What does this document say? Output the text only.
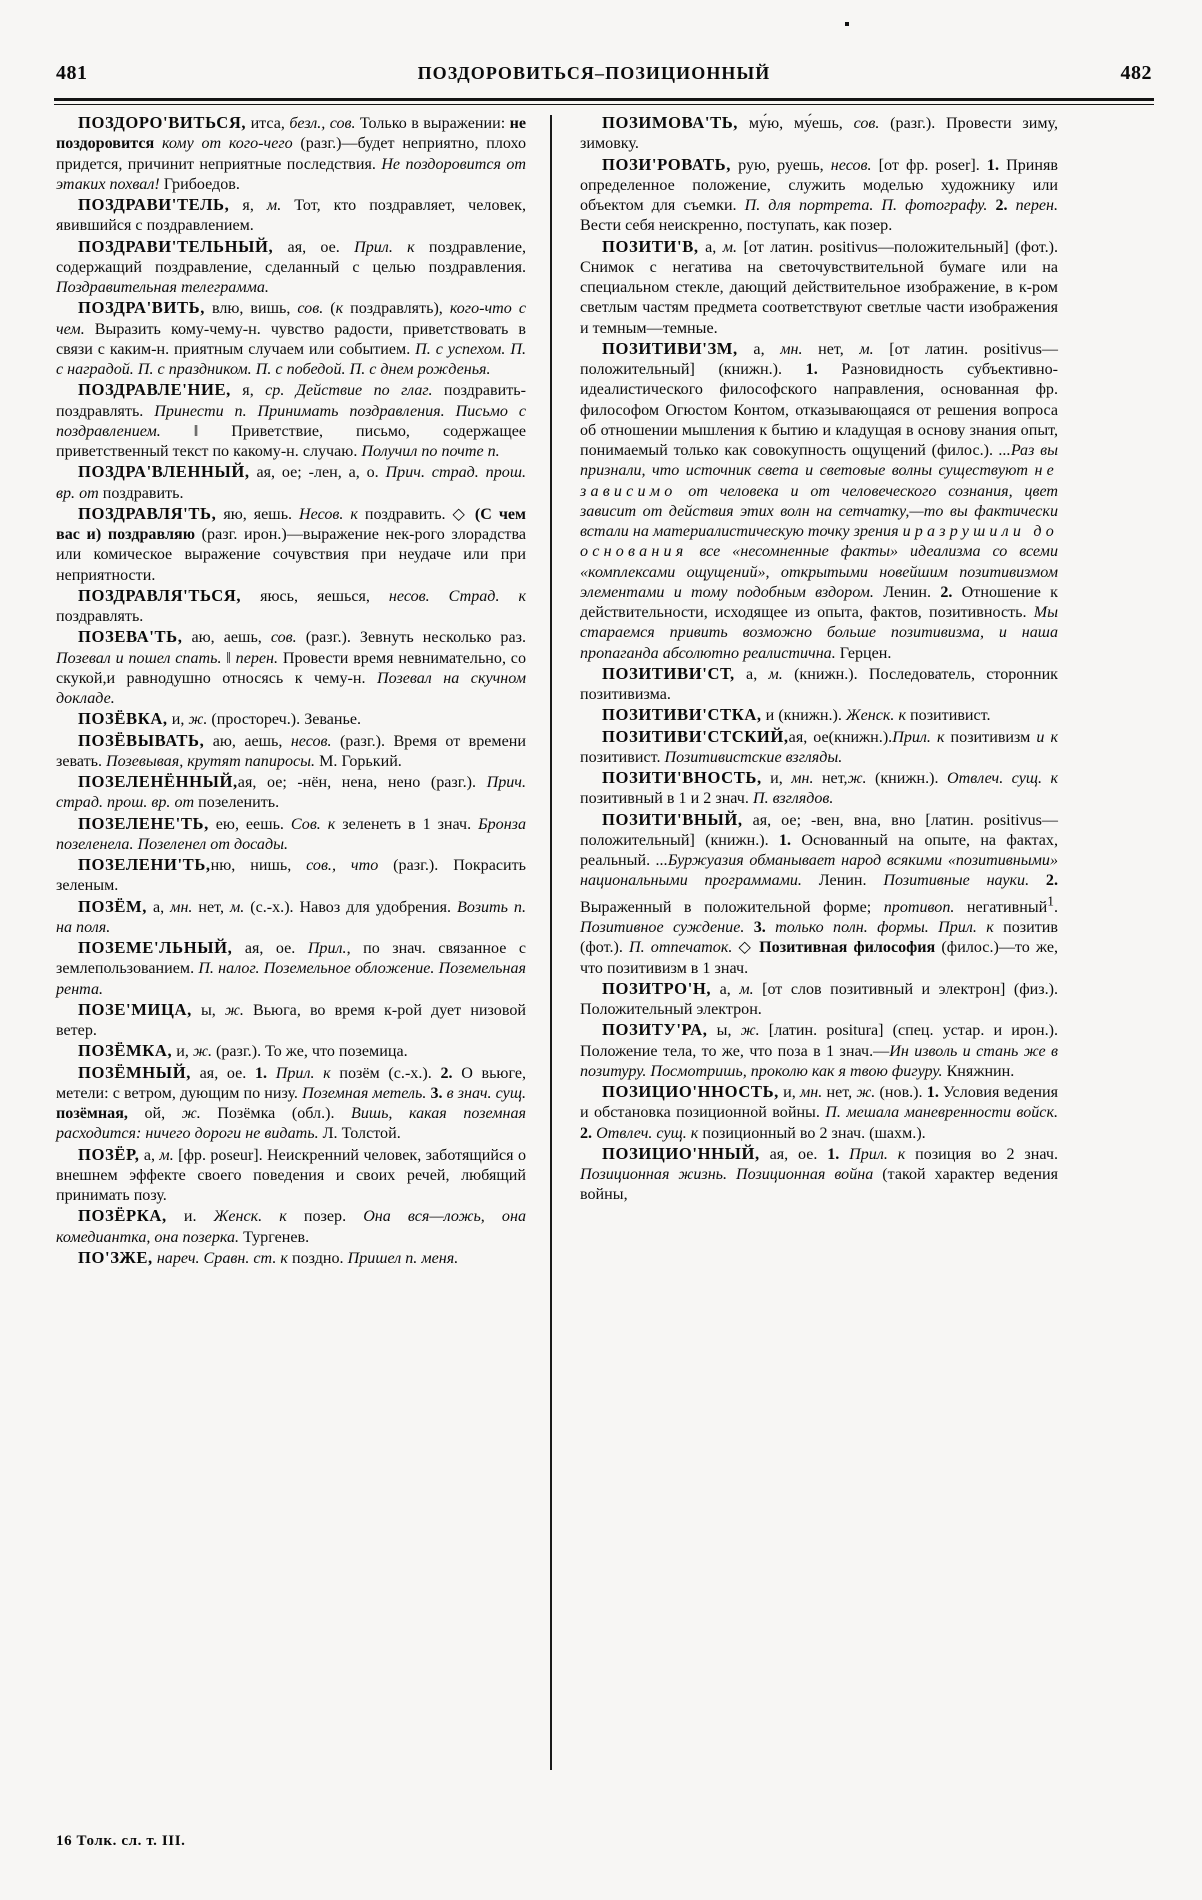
481	ПОЗДОРОВИТЬСЯ–ПОЗИЦИОННЫЙ	482

ПОЗДОРО'ВИТЬСЯ, итса, безл., сов. Только в выражении: не поздоровится кому от кого-чего (разг.)—будет неприятно, плохо придется, причинит неприятные последствия. Не поздоровится от этаких похвал! Грибоедов.

ПОЗДРАВИ'ТЕЛЬ, я, м. Тот, кто поздравляет, человек, явившийся с поздравлением.

ПОЗДРАВИ'ТЕЛЬНЫЙ, ая, ое. Прил. к поздравление, содержащий поздравление, сделанный с целью поздравления. Поздравительная телеграмма.

ПОЗДРА'ВИТЬ, влю, вишь, сов. (к поздравлять), кого-что с чем. Выразить кому-чему-н. чувство радости, приветствовать в связи с каким-н. приятным случаем или событием. П. с успехом. П. с наградой. П. с праздником. П. с победой. П. с днем рожденья.

ПОЗДРАВЛЕ'НИЕ, я, ср. Действие по глаг. поздравить-поздравлять. Принести п. Принимать поздравления. Письмо с поздравлением. ‖ Приветствие, письмо, содержащее приветственный текст по какому-н. случаю. Получил по почте п.

ПОЗДРА'ВЛЕННЫЙ, ая, ое; -лен, а, о. Прич. страд. прош. вр. от поздравить.

ПОЗДРАВЛЯ'ТЬ, яю, яешь. Несов. к поздравить. ◇ (С чем вас и) поздравляю (разг. ирон.)—выражение нек-рого злорадства или комическое выражение сочувствия при неудаче или при неприятности.

ПОЗДРАВЛЯ'ТЬСЯ, яюсь, яешься, несов. Страд. к поздравлять.

ПОЗЕВА'ТЬ, аю, аешь, сов. (разг.). Зевнуть несколько раз. Позевал и пошел спать. ‖ перен. Провести время невнимательно, со скукой,и равнодушно относясь к чему-н. Позевал на скучном докладе.

ПОЗЁВКА, и, ж. (простореч.). Зеванье.

ПОЗЁВЫВАТЬ, аю, аешь, несов. (разг.). Время от времени зевать. Позевывая, крутят папиросы. М. Горький.

ПОЗЕЛЕНЁННЫЙ,ая, ое; -нён, нена, нено (разг.). Прич. страд. прош. вр. от позеленить.

ПОЗЕЛЕНЕ'ТЬ, ею, еешь. Сов. к зеленеть в 1 знач. Бронза позеленела. Позеленел от досады.

ПОЗЕЛЕНИ'ТЬ,ню, нишь, сов., что (разг.). Покрасить зеленым.

ПОЗЁМ, а, мн. нет, м. (с.-х.). Навоз для удобрения. Возить п. на поля.

ПОЗЕМЕ'ЛЬНЫЙ, ая, ое. Прил., по знач. связанное с землепользованием. П. налог. Поземельное обложение. Поземельная рента.

ПОЗЕ'МИЦА, ы, ж. Вьюга, во время к-рой дует низовой ветер.

ПОЗЁМКА, и, ж. (разг.). То же, что поземица.

ПОЗЁМНЫЙ, ая, ое. 1. Прил. к позём (с.-х.). 2. О вьюге, метели: с ветром, дующим по низу. Поземная метель. 3. в знач. сущ. позёмная, ой, ж. Позёмка (обл.). Вишь, какая поземная расходится: ничего дороги не видать. Л. Толстой.

ПОЗЁР, а, м. [фр. poseur]. Неискренний человек, заботящийся о внешнем эффекте своего поведения и своих речей, любящий принимать позу.

ПОЗЁРКА, и. Женск. к позер. Она вся—ложь, она комедиантка, она позерка. Тургенев.

ПО'ЗЖЕ, нареч. Сравн. ст. к поздно. Пришел п. меня.

ПОЗИМОВА'ТЬ, му́ю, му́ешь, сов. (разг.). Провести зиму, зимовку.

ПОЗИ'РОВАТЬ, рую, руешь, несов. [от фр. poser]. 1. Приняв определенное положение, служить моделью художнику или объектом для съемки. П. для портрета. П. фотографу. 2. перен. Вести себя неискренно, поступать, как позер.

ПОЗИТИ'В, а, м. [от латин. positivus—положительный] (фот.). Снимок с негатива на светочувствительной бумаге или на специальном стекле, дающий действительное изображение, в к-ром светлым частям предмета соответствуют светлые части изображения и темным—темные.

ПОЗИТИВИ'ЗМ, а, мн. нет, м. [от латин. positivus—положительный] (книжн.). 1. Разновидность субъективно-идеалистического философского направления, основанная фр. философом Огюстом Контом, отказывающаяся от решения вопроса об отношении мышления к бытию и кладущая в основу знания опыт, понимаемый только как совокупность ощущений (филос.). ...Раз вы признали, что источник света и световые волны существуют не зависимо от человека и от человеческого сознания, цвет зависит от действия этих волн на сетчатку,—то вы фактически встали на материалистическую точку зрения и разрушили до основания все «несомненные факты» идеализма со всеми «комплексами ощущений», открытыми новейшим позитивизмом элементами и тому подобным вздором. Ленин. 2. Отношение к действительности, исходящее из опыта, фактов, позитивность. Мы стараемся привить возможно больше позитивизма, и наша пропаганда абсолютно реалистична. Герцен.

ПОЗИТИВИ'СТ, а, м. (книжн.). Последователь, сторонник позитивизма.

ПОЗИТИВИ'СТКА, и (книжн.). Женск. к позитивист.

ПОЗИТИВИ'СТСКИЙ,ая, ое(книжн.).Прил. к позитивизм и к позитивист. Позитивистские взгляды.

ПОЗИТИ'ВНОСТЬ, и, мн. нет,ж. (книжн.). Отвлеч. сущ. к позитивный в 1 и 2 знач. П. взглядов.

ПОЗИТИ'ВНЫЙ, ая, ое; -вен, вна, вно [латин. positivus—положительный] (книжн.). 1. Основанный на опыте, на фактах, реальный. ...Буржуазия обманывает народ всякими «позитивными» национальными программами. Ленин. Позитивные науки. 2. Выраженный в положительной форме; противоп. негативный$^1$. Позитивное суждение. 3. только полн. формы. Прил. к позитив (фот.). П. отпечаток. ◇ Позитивная философия (филос.)—то же, что позитивизм в 1 знач.

ПОЗИТРО'Н, а, м. [от слов позитивный и электрон] (физ.). Положительный электрон.

ПОЗИТУ'РА, ы, ж. [латин. positura] (спец. устар. и ирон.). Положение тела, то же, что поза в 1 знач.—Ин изволь и стань же в позитуру. Посмотришь, проколю как я твою фигуру. Княжнин.

ПОЗИЦИО'ННОСТЬ, и, мн. нет, ж. (нов.). 1. Условия ведения и обстановка позиционной войны. П. мешала маневренности войск. 2. Отвлеч. сущ. к позиционный во 2 знач. (шахм.).

ПОЗИЦИО'ННЫЙ, ая, ое. 1. Прил. к позиция во 2 знач. Позиционная жизнь. Позиционная война (такой характер ведения войны,

16 Толк. сл. т. III.
